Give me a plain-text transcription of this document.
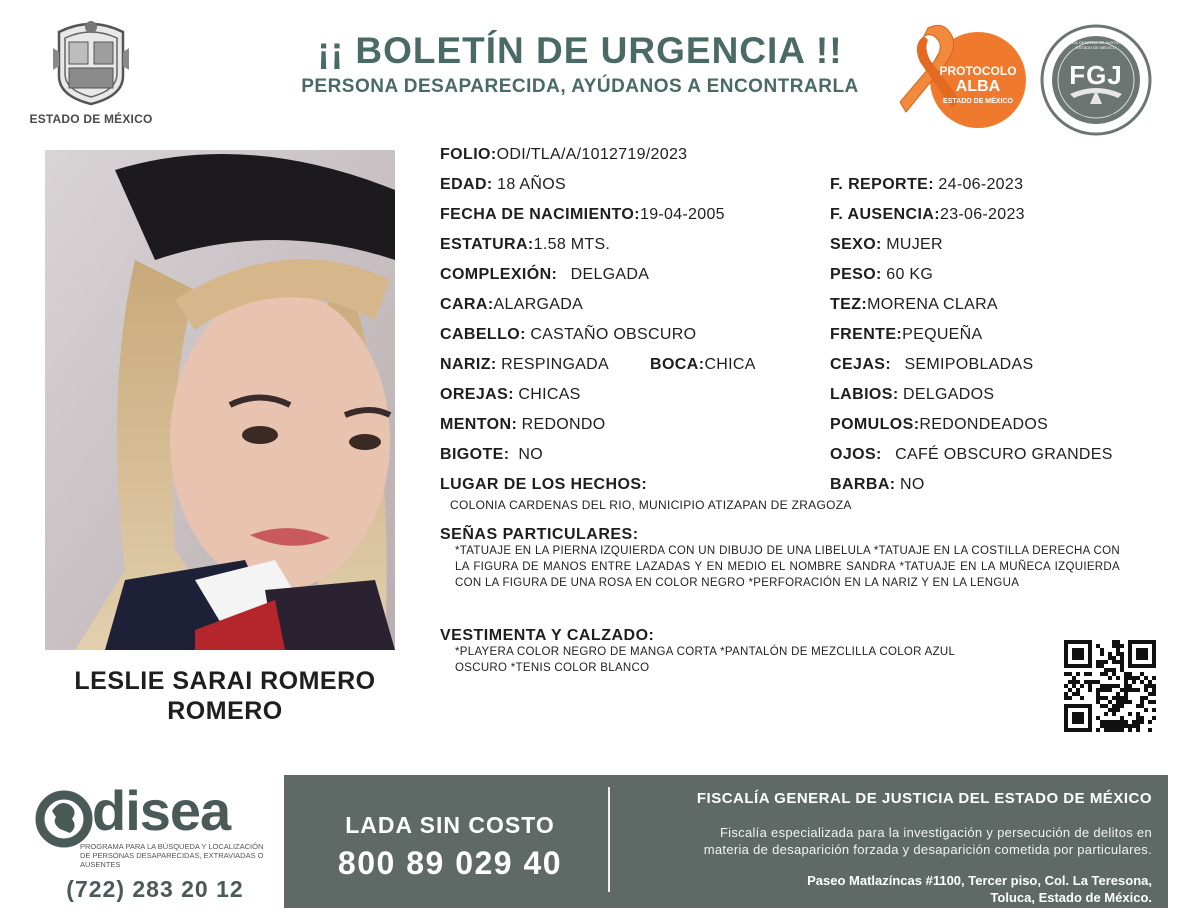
ESTADO DE MÉXICO
¡¡ BOLETÍN DE URGENCIA !!
PERSONA DESAPARECIDA, AYÚDANOS A ENCONTRARLA
PROTOCOLO
ALBA
ESTADO DE MÉXICO
FGJ
FISCALÍA GENERAL DE JUSTICIA DEL ESTADO DE MÉXICO
HONOR · LEALTAD · VALOR
LESLIE SARAI ROMERO
ROMERO
FOLIO:ODI/TLA/A/1012719/2023
EDAD: 18 AÑOS
FECHA DE NACIMIENTO:19-04-2005
ESTATURA:1.58 MTS.
COMPLEXIÓN: DELGADA
CARA:ALARGADA
CABELLO: CASTAÑO OBSCURO
NARIZ: RESPINGADA	BOCA:CHICA
OREJAS: CHICAS
MENTON: REDONDO
BIGOTE: NO
LUGAR DE LOS HECHOS:
COLONIA CARDENAS DEL RIO, MUNICIPIO ATIZAPAN DE ZRAGOZA
F. REPORTE: 24-06-2023
F. AUSENCIA:23-06-2023
SEXO: MUJER
PESO: 60 KG
TEZ:MORENA CLARA
FRENTE:PEQUEÑA
CEJAS: SEMIPOBLADAS
LABIOS: DELGADOS
POMULOS:REDONDEADOS
OJOS: CAFÉ OBSCURO GRANDES
BARBA: NO
SEÑAS PARTICULARES:
*TATUAJE EN LA PIERNA IZQUIERDA CON UN DIBUJO DE UNA LIBELULA *TATUAJE EN LA COSTILLA DERECHA CON LA FIGURA DE MANOS ENTRE LAZADAS Y EN MEDIO EL NOMBRE SANDRA *TATUAJE EN LA MUÑECA IZQUIERDA CON LA FIGURA DE UNA ROSA EN COLOR NEGRO *PERFORACIÓN EN LA NARIZ Y EN LA LENGUA
VESTIMENTA Y CALZADO:
*PLAYERA COLOR NEGRO DE MANGA CORTA *PANTALÓN DE MEZCLILLA COLOR AZUL OSCURO *TENIS COLOR BLANCO
disea
PROGRAMA PARA LA BÚSQUEDA Y LOCALIZACIÓN DE PERSONAS DESAPARECIDAS, EXTRAVIADAS O AUSENTES
(722) 283 20 12
LADA SIN COSTO
800 89 029 40
FISCALÍA GENERAL DE JUSTICIA DEL ESTADO DE MÉXICO
Fiscalía especializada para la investigación y persecución de delitos en
materia de desaparición forzada y desaparición cometida por particulares.
Paseo Matlazíncas #1100, Tercer piso, Col. La Teresona,
Toluca, Estado de México.
